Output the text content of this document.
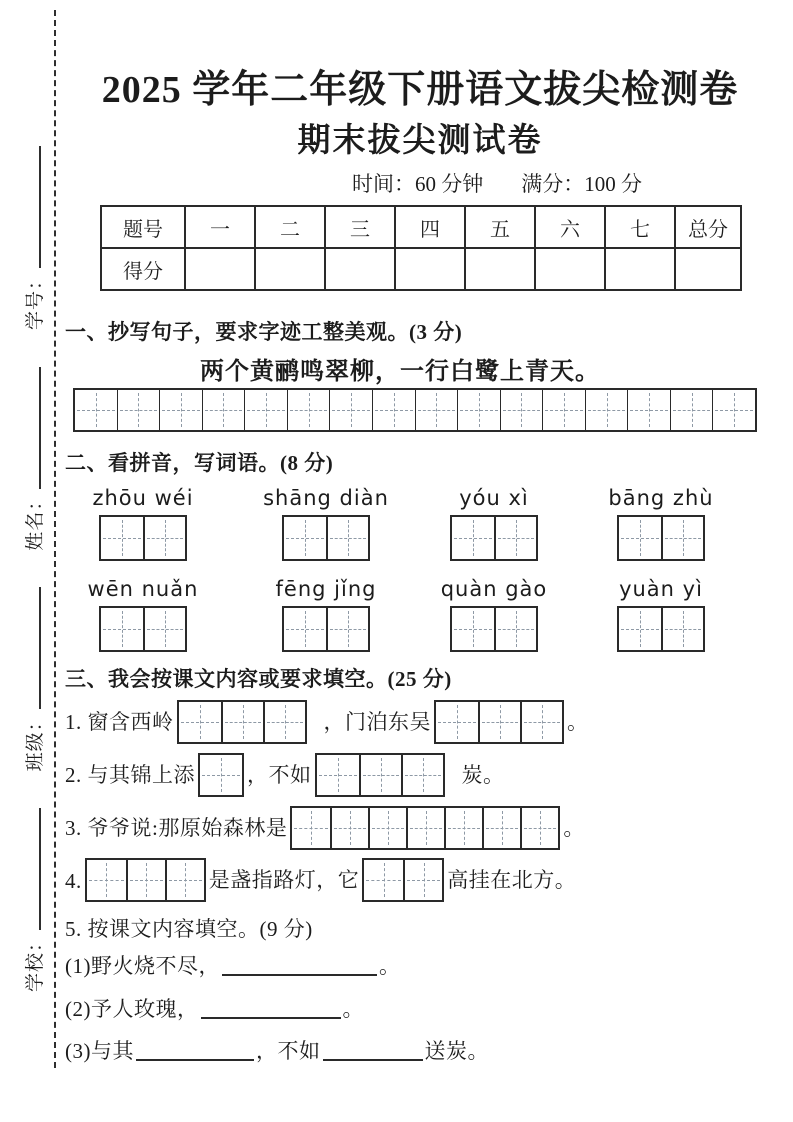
学校：
班级：
姓名：
学号：
2025 学年二年级下册语文拔尖检测卷
期末拔尖测试卷
时间：60 分钟 满分：100 分
题号	一	二	三	四	五	六	七	总分
得分								
一、抄写句子，要求字迹工整美观。(3 分)
两个黄鹂鸣翠柳，一行白鹭上青天。
二、看拼音，写词语。(8 分)
zhōu wéi	shāng diàn	yóu xì	bāng zhù
wēn nuǎn	fēng jǐng	quàn gào	yuàn yì
三、我会按课文内容或要求填空。(25 分)
1. 窗含西岭	，门泊东吴	。
2. 与其锦上添 ，不如	炭。
3. 爷爷说:那原始森林是	。
4.	是盏指路灯，它	高挂在北方。
5. 按课文内容填空。(9 分)
(1)野火烧不尽，	。
(2)予人玫瑰，	。
(3)与其	，不如	送炭。
